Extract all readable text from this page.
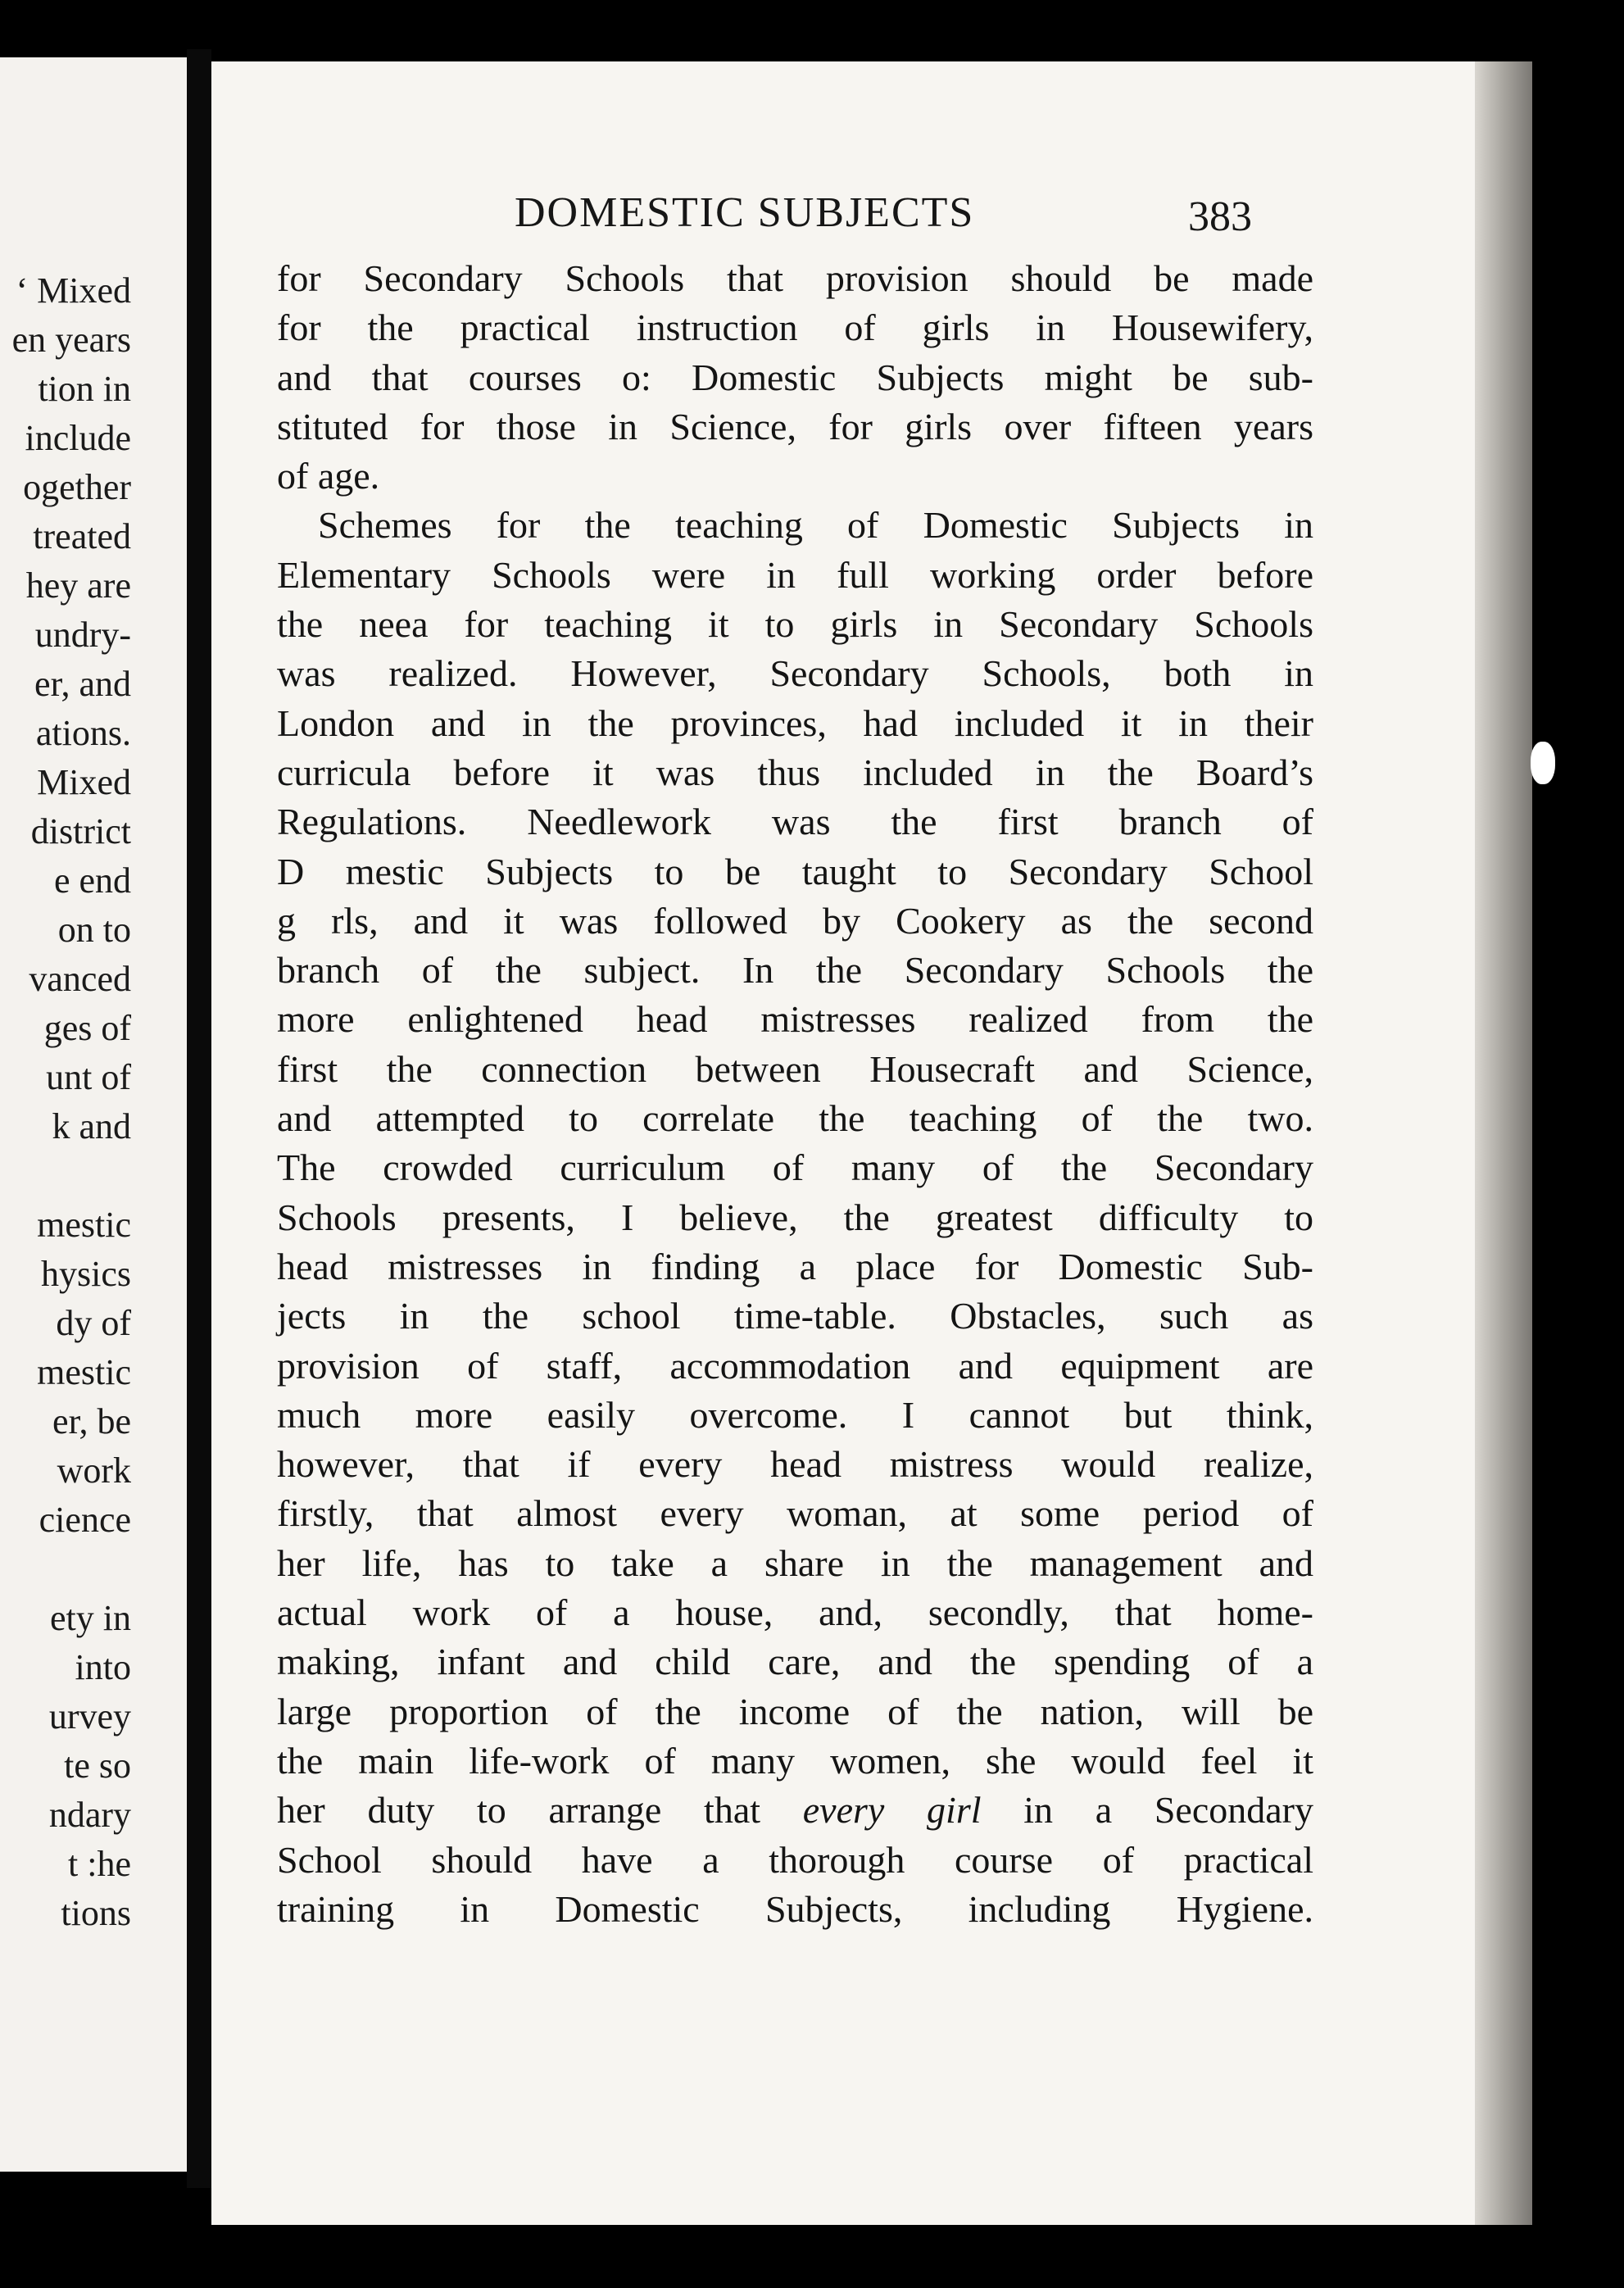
‘ Mixed
en years
tion in
include
ogether
treated
hey are
undry-
er, and
ations.
Mixed
district
e end
on to
vanced
ges of
unt of
k and
mestic
hysics
dy of
mestic
er, be
work
cience
ety in
into
urvey
te so
ndary
t :he
tions
DOMESTIC SUBJECTS	383
for Secondary Schools that provision should be made
for the practical instruction of girls in Housewifery,
and that courses o: Domestic Subjects might be sub-
stituted for those in Science, for girls over fifteen years
of age.
Schemes for the teaching of Domestic Subjects in
Elementary Schools were in full working order before
the neea for teaching it to girls in Secondary Schools
was realized. However, Secondary Schools, both in
London and in the provinces, had included it in their
curricula before it was thus included in the Board’s
Regulations. Needlework was the first branch of
D mestic Subjects to be taught to Secondary School
g rls, and it was followed by Cookery as the second
branch of the subject. In the Secondary Schools the
more enlightened head mistresses realized from the
first the connection between Housecraft and Science,
and attempted to correlate the teaching of the two.
The crowded curriculum of many of the Secondary
Schools presents, I believe, the greatest difficulty to
head mistresses in finding a place for Domestic Sub-
jects in the school time-table. Obstacles, such as
provision of staff, accommodation and equipment are
much more easily overcome. I cannot but think,
however, that if every head mistress would realize,
firstly, that almost every woman, at some period of
her life, has to take a share in the management and
actual work of a house, and, secondly, that home-
making, infant and child care, and the spending of a
large proportion of the income of the nation, will be
the main life-work of many women, she would feel it
her duty to arrange that every girl in a Secondary
School should have a thorough course of practical
training in Domestic Subjects, including Hygiene.
